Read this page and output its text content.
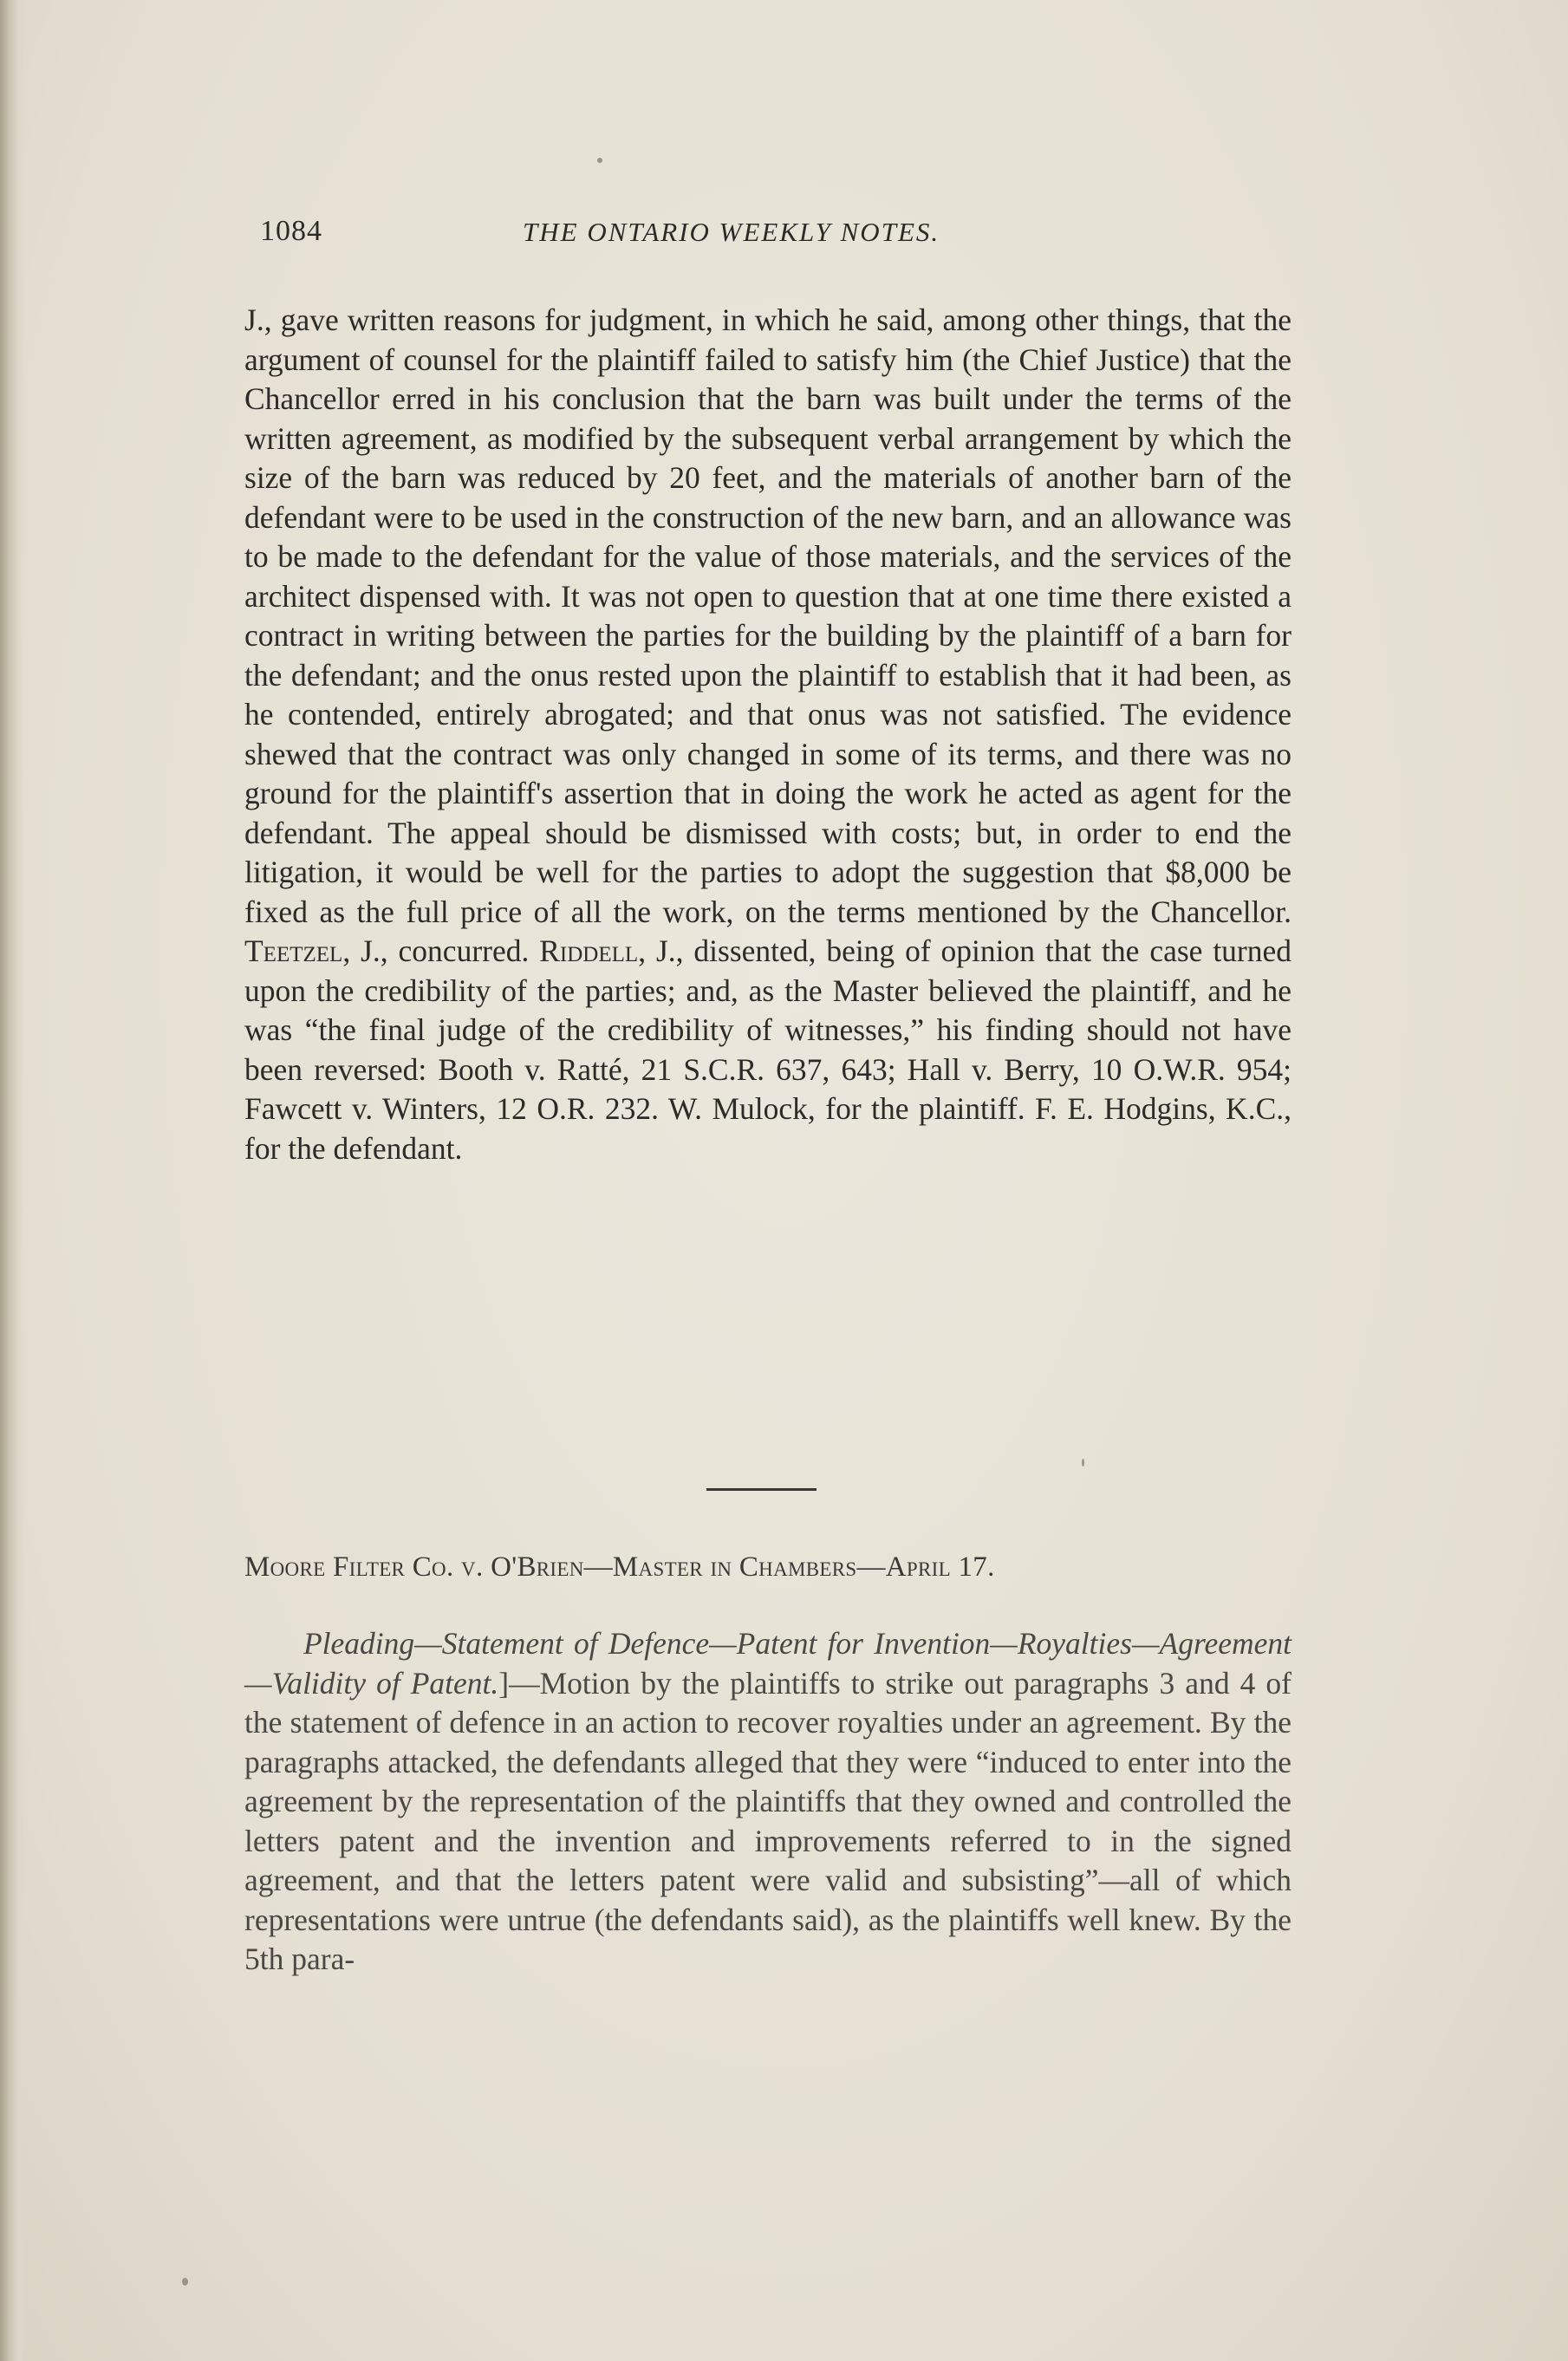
1084	THE ONTARIO WEEKLY NOTES.

J., gave written reasons for judgment, in which he said, among other things, that the argument of counsel for the plaintiff failed to satisfy him (the Chief Justice) that the Chancellor erred in his conclusion that the barn was built under the terms of the written agreement, as modified by the subsequent verbal arrangement by which the size of the barn was reduced by 20 feet, and the materials of another barn of the defendant were to be used in the construction of the new barn, and an allowance was to be made to the defendant for the value of those materials, and the services of the architect dispensed with. It was not open to question that at one time there existed a contract in writing between the parties for the building by the plaintiff of a barn for the defendant; and the onus rested upon the plaintiff to establish that it had been, as he contended, entirely abrogated; and that onus was not satisfied. The evidence shewed that the contract was only changed in some of its terms, and there was no ground for the plaintiff's assertion that in doing the work he acted as agent for the defendant. The appeal should be dismissed with costs; but, in order to end the litigation, it would be well for the parties to adopt the suggestion that $8,000 be fixed as the full price of all the work, on the terms mentioned by the Chancellor. Teetzel, J., concurred. Riddell, J., dissented, being of opinion that the case turned upon the credibility of the parties; and, as the Master believed the plaintiff, and he was “the final judge of the credibility of witnesses,” his finding should not have been reversed: Booth v. Ratté, 21 S.C.R. 637, 643; Hall v. Berry, 10 O.W.R. 954; Fawcett v. Winters, 12 O.R. 232. W. Mulock, for the plaintiff. F. E. Hodgins, K.C., for the defendant.

Moore Filter Co. v. O'Brien—Master in Chambers—April 17.

Pleading—Statement of Defence—Patent for Invention—Royalties—Agreement—Validity of Patent.]—Motion by the plaintiffs to strike out paragraphs 3 and 4 of the statement of defence in an action to recover royalties under an agreement. By the paragraphs attacked, the defendants alleged that they were “induced to enter into the agreement by the representation of the plaintiffs that they owned and controlled the letters patent and the invention and improvements referred to in the signed agreement, and that the letters patent were valid and subsisting”—all of which representations were untrue (the defendants said), as the plaintiffs well knew. By the 5th para-
